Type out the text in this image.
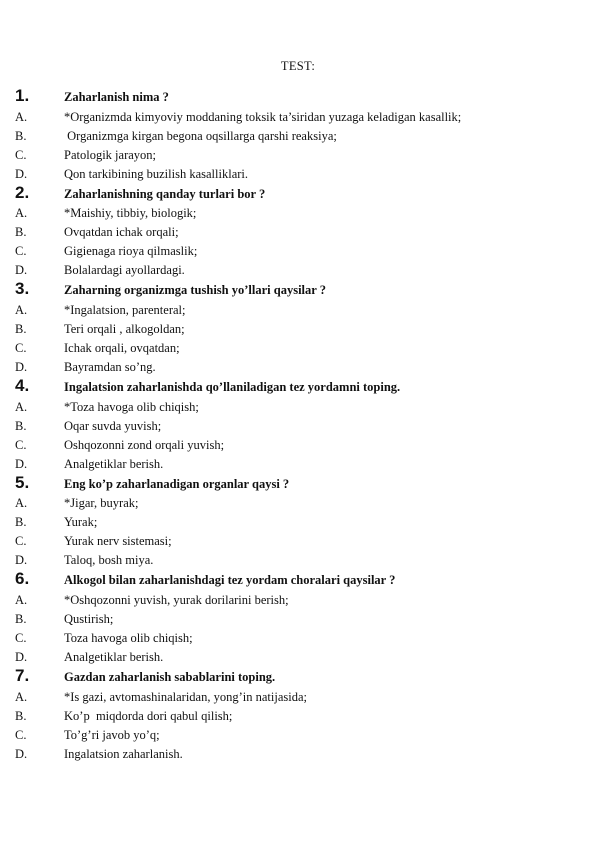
TEST:
1.	Zaharlanish nima ?
A.	*Organizmda kimyoviy moddaning toksik ta’siridan yuzaga keladigan kasallik;
B.	Organizmga kirgan begona oqsillarga qarshi reaksiya;
C.	Patologik jarayon;
D.	Qon tarkibining buzilish kasalliklari.
2.	Zaharlanishning qanday turlari bor ?
A.	*Maishiy, tibbiy, biologik;
B.	Ovqatdan ichak orqali;
C.	Gigienaga rioya qilmaslik;
D.	Bolalardagi ayollardagi.
3.	Zaharning organizmga tushish yo’llari qaysilar ?
A.	*Ingalatsion, parenteral;
B.	Teri orqali , alkogoldan;
C.	Ichak orqali, ovqatdan;
D.	Bayramdan so’ng.
4.	Ingalatsion zaharlanishda qo’llaniladigan tez yordamni toping.
A.	*Toza havoga olib chiqish;
B.	Oqar suvda yuvish;
C.	Oshqozonni zond orqali yuvish;
D.	Analgetiklar berish.
5.	Eng ko’p zaharlanadigan organlar qaysi ?
A.	*Jigar, buyrak;
B.	Yurak;
C.	Yurak nerv sistemasi;
D.	Taloq, bosh miya.
6.	Alkogol bilan zaharlanishdagi tez yordam choralari qaysilar ?
A.	*Oshqozonni yuvish, yurak dorilarini berish;
B.	Qustirish;
C.	Toza havoga olib chiqish;
D.	Analgetiklar berish.
7.	Gazdan zaharlanish sabablarini toping.
A.	*Is gazi, avtomashinalaridan, yong’in natijasida;
B.	Ko’p  miqdorda dori qabul qilish;
C.	To’g’ri javob yo’q;
D.	Ingalatsion zaharlanish.
